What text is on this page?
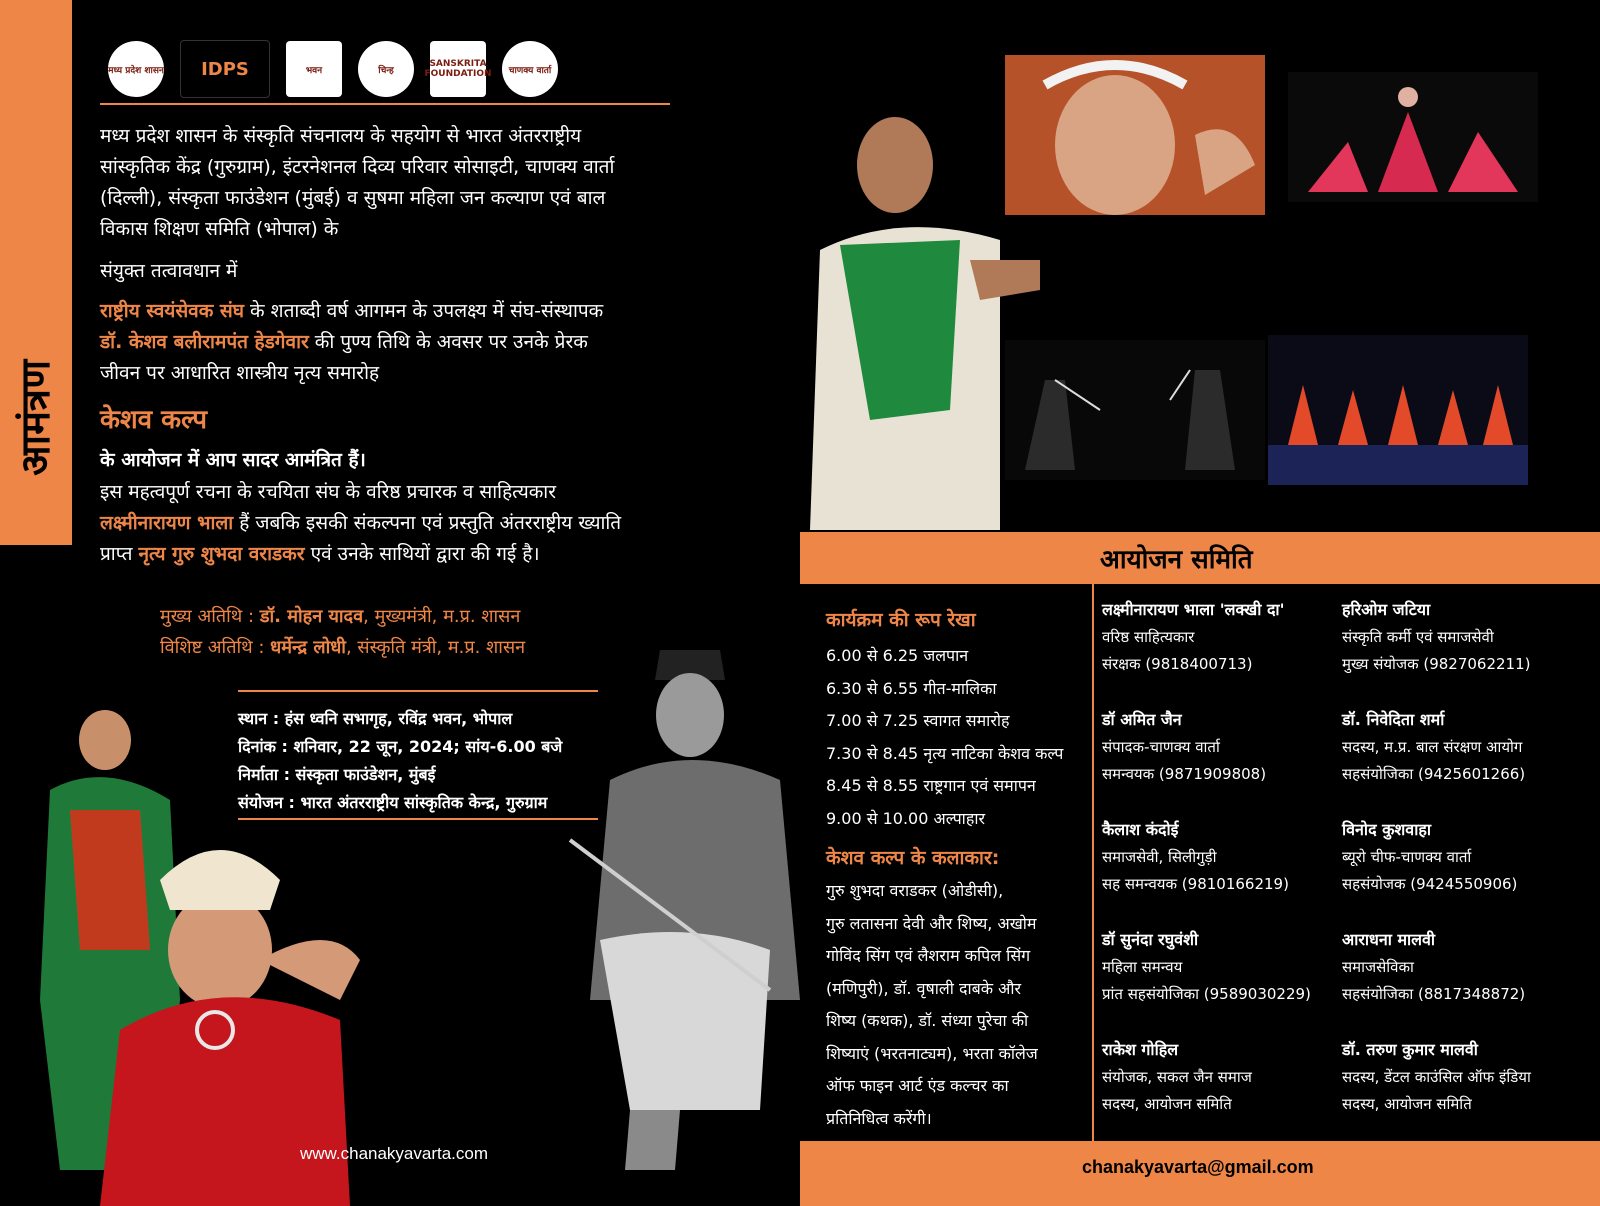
आमंत्रण
मध्य प्रदेश शासन	IDPS	भवन	चिन्ह
SANSKRITA FOUNDATION	चाणक्य वार्ता
मध्य प्रदेश शासन के संस्कृति संचनालय के सहयोग से भारत अंतरराष्ट्रीय
सांस्कृतिक केंद्र (गुरुग्राम), इंटरनेशनल दिव्य परिवार सोसाइटी, चाणक्य वार्ता
(दिल्ली), संस्कृता फाउंडेशन (मुंबई) व सुषमा महिला जन कल्याण एवं बाल
विकास शिक्षण समिति (भोपाल) के
संयुक्त तत्वावधान में
राष्ट्रीय स्वयंसेवक संघ के शताब्दी वर्ष आगमन के उपलक्ष्य में संघ-संस्थापक
डॉ. केशव बलीरामपंत हेडगेवार की पुण्य तिथि के अवसर पर उनके प्रेरक
जीवन पर आधारित शास्त्रीय नृत्य समारोह
केशव कल्प
के आयोजन में आप सादर आमंत्रित हैं।
इस महत्वपूर्ण रचना के रचयिता संघ के वरिष्ठ प्रचारक व साहित्यकार
लक्ष्मीनारायण भाला हैं जबकि इसकी संकल्पना एवं प्रस्तुति अंतरराष्ट्रीय ख्याति
प्राप्त नृत्य गुरु शुभदा वराडकर एवं उनके साथियों द्वारा की गई है।
मुख्य अतिथि : डॉ. मोहन यादव, मुख्यमंत्री, म.प्र. शासन
विशिष्ट अतिथि : धर्मेन्द्र लोधी, संस्कृति मंत्री, म.प्र. शासन
स्थान : हंस ध्वनि सभागृह, रविंद्र भवन, भोपाल
दिनांक : शनिवार, 22 जून, 2024; सांय-6.00 बजे
निर्माता : संस्कृता फाउंडेशन, मुंबई
संयोजन : भारत अंतरराष्ट्रीय सांस्कृतिक केन्द्र, गुरुग्राम
www.chanakyavarta.com
आयोजन समिति
कार्यक्रम की रूप रेखा
6.00 से 6.25 जलपान
6.30 से 6.55 गीत-मालिका
7.00 से 7.25 स्वागत समारोह
7.30 से 8.45 नृत्य नाटिका केशव कल्प
8.45 से 8.55 राष्ट्रगान एवं समापन
9.00 से 10.00 अल्पाहार
केशव कल्प के कलाकार:
गुरु शुभदा वराडकर (ओडीसी),
गुरु लतासना देवी और शिष्य, अखोम
गोविंद सिंग एवं लैशराम कपिल सिंग
(मणिपुरी), डॉ. वृषाली दाबके और
शिष्य (कथक), डॉ. संध्या पुरेचा की
शिष्याएं (भरतनाट्यम), भरता कॉलेज
ऑफ फाइन आर्ट एंड कल्चर का
प्रतिनिधित्व करेंगी।
लक्ष्मीनारायण भाला 'लक्खी दा'
वरिष्ठ साहित्यकार
संरक्षक (9818400713)
हरिओम जटिया
संस्कृति कर्मी एवं समाजसेवी
मुख्य संयोजक (9827062211)
डॉ अमित जैन
संपादक-चाणक्य वार्ता
समन्वयक (9871909808)
डॉ. निवेदिता शर्मा
सदस्य, म.प्र. बाल संरक्षण आयोग
सहसंयोजिका (9425601266)
कैलाश कंदोई
समाजसेवी, सिलीगुड़ी
सह समन्वयक (9810166219)
विनोद कुशवाहा
ब्यूरो चीफ-चाणक्य वार्ता
सहसंयोजक (9424550906)
डॉ सुनंदा रघुवंशी
महिला समन्वय
प्रांत सहसंयोजिका (9589030229)
आराधना मालवी
समाजसेविका
सहसंयोजिका (8817348872)
राकेश गोहिल
संयोजक, सकल जैन समाज
सदस्य, आयोजन समिति
डॉ. तरुण कुमार मालवी
सदस्य, डेंटल काउंसिल ऑफ इंडिया
सदस्य, आयोजन समिति
chanakyavarta@gmail.com
